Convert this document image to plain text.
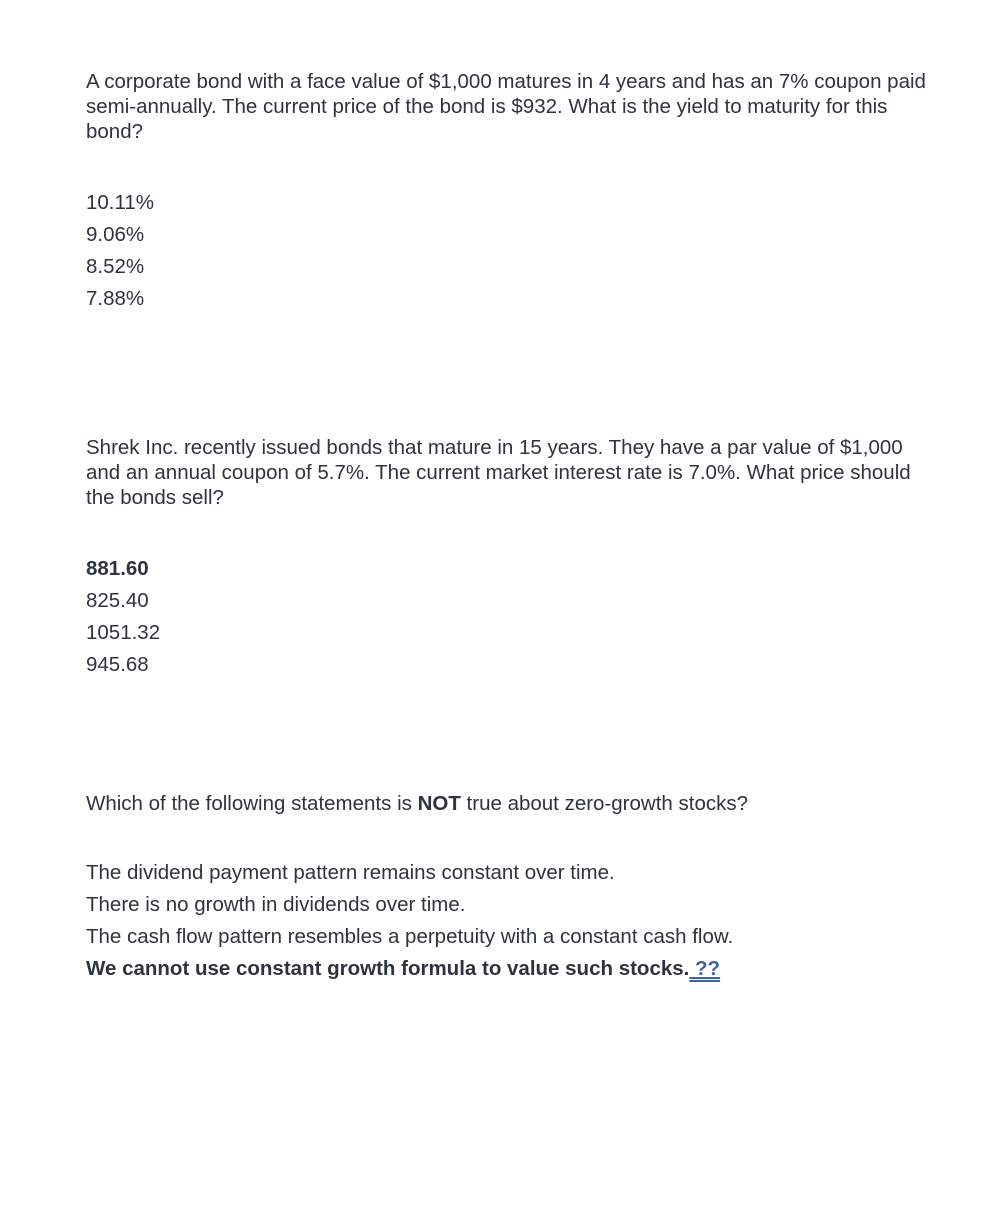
A corporate bond with a face value of $1,000 matures in 4 years and has an 7% coupon paid semi-annually. The current price of the bond is $932. What is the yield to maturity for this bond?

10.11%
9.06%
8.52%
7.88%

Shrek Inc. recently issued bonds that mature in 15 years. They have a par value of $1,000 and an annual coupon of 5.7%. The current market interest rate is 7.0%. What price should the bonds sell?

881.60
825.40
1051.32
945.68

Which of the following statements is NOT true about zero-growth stocks?

The dividend payment pattern remains constant over time.
There is no growth in dividends over time.
The cash flow pattern resembles a perpetuity with a constant cash flow.
We cannot use constant growth formula to value such stocks. ??
